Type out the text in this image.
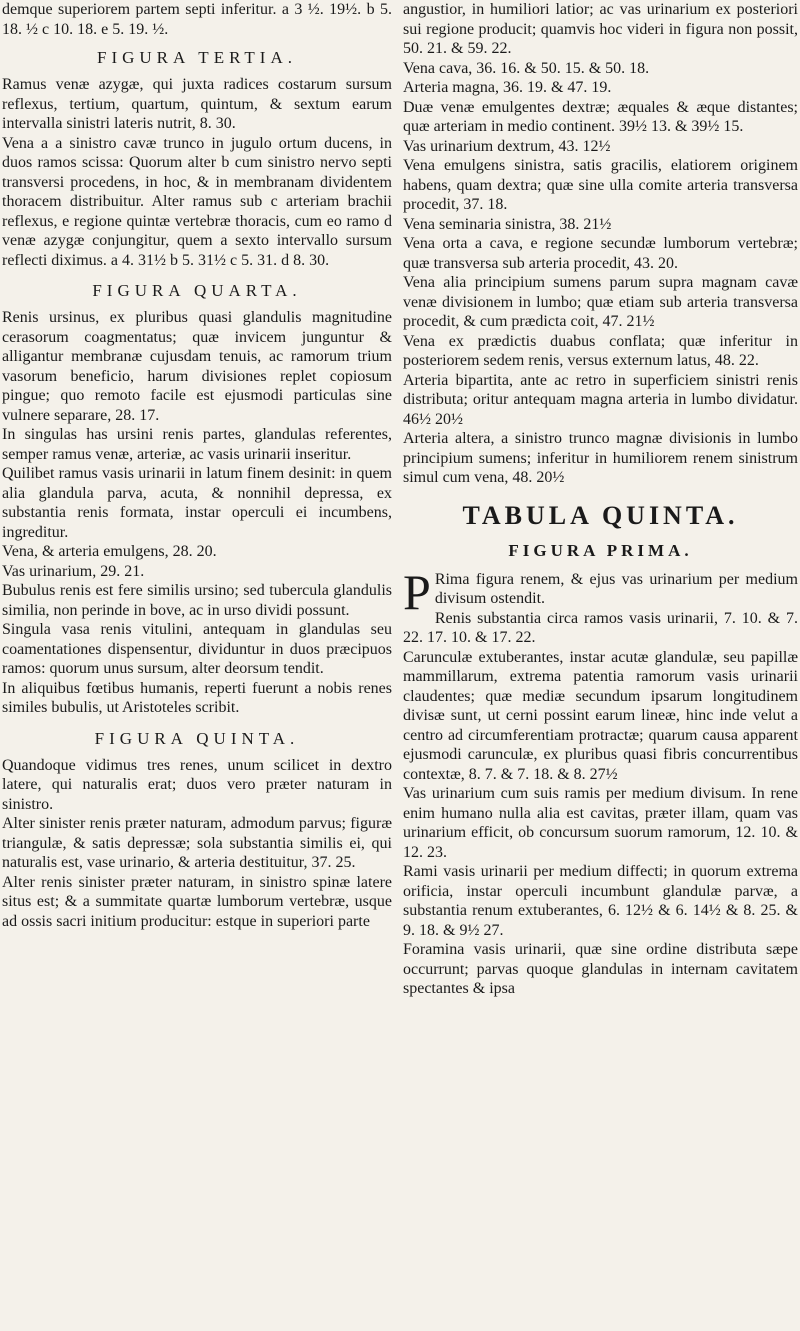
demque superiorem partem septi inferitur. a 3 ½. 19½. b 5. 18. ½ c 10. 18. e 5. 19. ½.

FIGURA TERTIA.

Ramus venæ azygæ, qui juxta radices costarum sursum reflexus, tertium, quartum, quintum, & sextum earum intervalla sinistri lateris nutrit, 8. 30.

Vena a a sinistro cavæ trunco in jugulo ortum ducens, in duos ramos scissa: Quorum alter b cum sinistro nervo septi transversi procedens, in hoc, & in membranam dividentem thoracem distribuitur. Alter ramus sub c arteriam brachii reflexus, e regione quintæ vertebræ thoracis, cum eo ramo d venæ azygæ conjungitur, quem a sexto intervallo sursum reflecti diximus. a 4. 31½ b 5. 31½ c 5. 31. d 8. 30.

FIGURA QUARTA.

Renis ursinus, ex pluribus quasi glandulis magnitudine cerasorum coagmentatus; quæ invicem junguntur & alligantur membranæ cujusdam tenuis, ac ramorum trium vasorum beneficio, harum divisiones replet copiosum pingue; quo remoto facile est ejusmodi particulas sine vulnere separare, 28. 17.

In singulas has ursini renis partes, glandulas referentes, semper ramus venæ, arteriæ, ac vasis urinarii inseritur.

Quilibet ramus vasis urinarii in latum finem desinit: in quem alia glandula parva, acuta, & nonnihil depressa, ex substantia renis formata, instar operculi ei incumbens, ingreditur.

Vena, & arteria emulgens, 28. 20.

Vas urinarium, 29. 21.

Bubulus renis est fere similis ursino; sed tubercula glandulis similia, non perinde in bove, ac in urso dividi possunt.

Singula vasa renis vitulini, antequam in glandulas seu coamentationes dispensentur, dividuntur in duos præcipuos ramos: quorum unus sursum, alter deorsum tendit.

In aliquibus fœtibus humanis, reperti fuerunt a nobis renes similes bubulis, ut Aristoteles scribit.

FIGURA QUINTA.

Quandoque vidimus tres renes, unum scilicet in dextro latere, qui naturalis erat; duos vero præter naturam in sinistro.

Alter sinister renis præter naturam, admodum parvus; figuræ triangulæ, & satis depressæ; sola substantia similis ei, qui naturalis est, vase urinario, & arteria destituitur, 37. 25.

Alter renis sinister præter naturam, in sinistro spinæ latere situs est; & a summitate quartæ lumborum vertebræ, usque ad ossis sacri initium producitur: estque in superiori parte

angustior, in humiliori latior; ac vas urinarium ex posteriori sui regione producit; quamvis hoc videri in figura non possit, 50. 21. & 59. 22.

Vena cava, 36. 16. & 50. 15. & 50. 18.

Arteria magna, 36. 19. & 47. 19.

Duæ venæ emulgentes dextræ; æquales & æque distantes; quæ arteriam in medio continent. 39½ 13. & 39½ 15.

Vas urinarium dextrum, 43. 12½

Vena emulgens sinistra, satis gracilis, elatiorem originem habens, quam dextra; quæ sine ulla comite arteria transversa procedit, 37. 18.

Vena seminaria sinistra, 38. 21½

Vena orta a cava, e regione secundæ lumborum vertebræ; quæ transversa sub arteria procedit, 43. 20.

Vena alia principium sumens parum supra magnam cavæ venæ divisionem in lumbo; quæ etiam sub arteria transversa procedit, & cum prædicta coit, 47. 21½

Vena ex prædictis duabus conflata; quæ inferitur in posteriorem sedem renis, versus externum latus, 48. 22.

Arteria bipartita, ante ac retro in superficiem sinistri renis distributa; oritur antequam magna arteria in lumbo dividatur. 46½ 20½

Arteria altera, a sinistro trunco magnæ divisionis in lumbo principium sumens; inferitur in humiliorem renem sinistrum simul cum vena, 48. 20½

TABULA QUINTA.
FIGURA PRIMA.

P Rima figura renem, & ejus vas urinarium per medium divisum ostendit.

Renis substantia circa ramos vasis urinarii, 7. 10. & 7. 22. 17. 10. & 17. 22.

Carunculæ extuberantes, instar acutæ glandulæ, seu papillæ mammillarum, extrema patentia ramorum vasis urinarii claudentes; quæ mediæ secundum ipsarum longitudinem divisæ sunt, ut cerni possint earum lineæ, hinc inde velut a centro ad circumferentiam protractæ; quarum causa apparent ejusmodi carunculæ, ex pluribus quasi fibris concurrentibus contextæ, 8. 7. & 7. 18. & 8. 27½

Vas urinarium cum suis ramis per medium divisum. In rene enim humano nulla alia est cavitas, præter illam, quam vas urinarium efficit, ob concursum suorum ramorum, 12. 10. & 12. 23.

Rami vasis urinarii per medium diffecti; in quorum extrema orificia, instar operculi incumbunt glandulæ parvæ, a substantia renum extuberantes, 6. 12½ & 6. 14½ & 8. 25. & 9. 18. & 9½ 27.

Foramina vasis urinarii, quæ sine ordine distributa sæpe occurrunt; parvas quoque glandulas in internam cavitatem spectantes & ipsa
